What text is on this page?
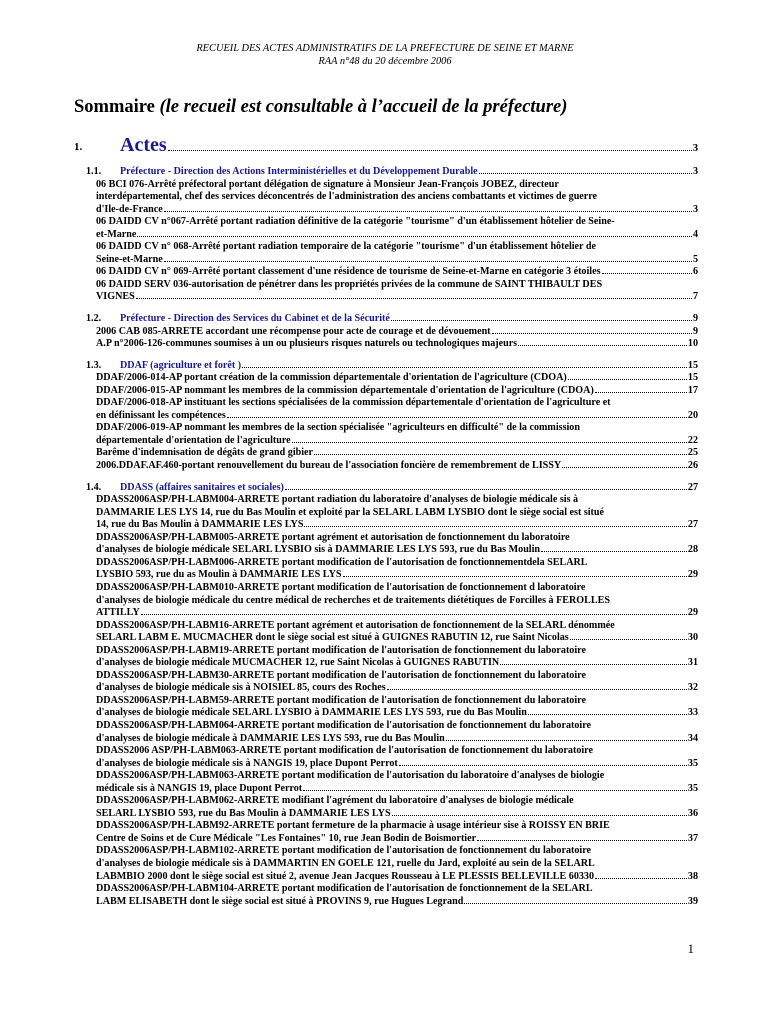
RECUEIL DES ACTES ADMINISTRATIFS DE LA PREFECTURE DE SEINE ET MARNE
RAA n°48 du 20 décembre 2006
Sommaire (le recueil est consultable à l’accueil de la préfecture)
1. Actes	3
1.1. Préfecture - Direction des Actions Interministérielles et du Développement Durable	3
06 BCI 076-Arrêté préfectoral portant délégation de signature à Monsieur Jean-François JOBEZ, directeur
interdépartemental, chef des services déconcentrés de l'administration des anciens combattants et victimes de guerre
d'Ile-de-France	3
06 DAIDD CV n°067-Arrêté portant radiation définitive de la catégorie "tourisme" d'un établissement hôtelier de Seine-
et-Marne	4
06 DAIDD CV n° 068-Arrêté portant radiation temporaire de la catégorie "tourisme" d'un établissement hôtelier de
Seine-et-Marne	5
06 DAIDD CV n° 069-Arrêté portant classement d'une résidence de tourisme de Seine-et-Marne en catégorie 3 étoiles	6
06 DAIDD SERV 036-autorisation de pénétrer dans les propriétés privées de la commune de SAINT THIBAULT DES
VIGNES	7
1.2. Préfecture - Direction des Services du Cabinet et de la Sécurité	9
2006 CAB 085-ARRETE accordant une récompense pour acte de courage et de dévouement	9
A.P n°2006-126-communes soumises à un ou plusieurs risques naturels ou technologiques majeurs	10
1.3. DDAF (agriculture et forêt )	15
DDAF/2006-014-AP portant création de la commission départementale d'orientation de l'agriculture (CDOA)	15
DDAF/2006-015-AP nommant les membres de la commission départementale d'orientation de l'agriculture (CDOA)	17
DDAF/2006-018-AP instituant les sections spécialisées de la commission départementale d'orientation de l'agriculture et
en définissant les compétences	20
DDAF/2006-019-AP nommant les membres de la section spécialisée "agriculteurs en difficulté" de la commission
départementale d'orientation de l'agriculture	22
Barême d'indemnisation de dégâts de grand gibier	25
2006.DDAF.AF.460-portant renouvellement du bureau de l'association foncière de remembrement de LISSY	26
1.4. DDASS (affaires sanitaires et sociales)	27
DDASS2006ASP/PH-LABM004-ARRETE portant radiation du laboratoire d'analyses de biologie médicale sis à
DAMMARIE LES LYS 14, rue du Bas Moulin et exploité par la SELARL LABM LYSBIO dont le siège social est situé
14, rue du Bas Moulin à DAMMARIE LES LYS	27
DDASS2006ASP/PH-LABM005-ARRETE portant agrément et autorisation de fonctionnement du laboratoire
d'analyses de biologie médicale SELARL LYSBIO sis à DAMMARIE LES LYS 593, rue du Bas Moulin	28
DDASS2006ASP/PH-LABM006-ARRETE portant modification de l'autorisation de fonctionnementdela SELARL
LYSBIO 593, rue du as Moulin à DAMMARIE LES LYS	29
DDASS2006ASP/PH-LABM010-ARRETE portant modification de l'autorisation de fonctionnement d laboratoire
d'analyses de biologie médicale du centre médical de recherches et de traitements diététiques de Forcilles à FEROLLES
ATTILLY	29
DDASS2006ASP/PH-LABM16-ARRETE portant agrément et autorisation de fonctionnement de la SELARL dénommée
SELARL LABM E. MUCMACHER dont le siège social est situé à GUIGNES RABUTIN 12, rue Saint Nicolas	30
DDASS2006ASP/PH-LABM19-ARRETE portant modification de l'autorisation de fonctionnement du laboratoire
d'analyses de biologie médicale MUCMACHER 12, rue Saint Nicolas à GUIGNES RABUTIN	31
DDASS2006ASP/PH-LABM30-ARRETE portant modification de l'autorisation de fonctionnement du laboratoire
d'analyses de biologie médicale sis à NOISIEL 85, cours des Roches	32
DDASS2006ASP/PH-LABM59-ARRETE portant modification de l'autorisation de fonctionnement du laboratoire
d'analyses de biologie médicale SELARL LYSBIO à DAMMARIE LES LYS 593, rue du Bas Moulin	33
DDASS2006ASP/PH-LABM064-ARRETE portant modification de l'autorisation de fonctionnement du laboratoire
d'analyses de biologie médicale à DAMMARIE LES LYS 593, rue du Bas Moulin	34
DDASS2006 ASP/PH-LABM063-ARRETE portant modification de l'autorisation de fonctionnement du laboratoire
d'analyses de biologie médicale sis à NANGIS 19, place Dupont Perrot	35
DDASS2006ASP/PH-LABM063-ARRETE portant modification de l'autorisation du laboratoire d'analyses de biologie
médicale sis à NANGIS 19, place Dupont Perrot	35
DDASS2006ASP/PH-LABM062-ARRETE modifiant l'agrément du laboratoire d'analyses de biologie médicale
SELARL LYSBIO 593, rue du Bas Moulin à DAMMARIE LES LYS	36
DDASS2006ASP/PH-LABM92-ARRETE portant fermeture de la pharmacie à usage intérieur sise à ROISSY EN BRIE
Centre de Soins et de Cure Médicale "Les Fontaines" 10, rue Jean Bodin de Boismortier	37
DDASS2006ASP/PH-LABM102-ARRETE portant modification de l'autorisation de fonctionnement du laboratoire
d'analyses de biologie médicale sis à DAMMARTIN EN GOELE 121, ruelle du Jard, exploité au sein de la SELARL
LABMBIO 2000 dont le siège social est situé 2, avenue Jean Jacques Rousseau à LE PLESSIS BELLEVILLE 60330	38
DDASS2006ASP/PH-LABM104-ARRETE portant modification de l'autorisation de fonctionnement de la SELARL
LABM ELISABETH dont le siège social est situé à PROVINS 9, rue Hugues Legrand	39
1
